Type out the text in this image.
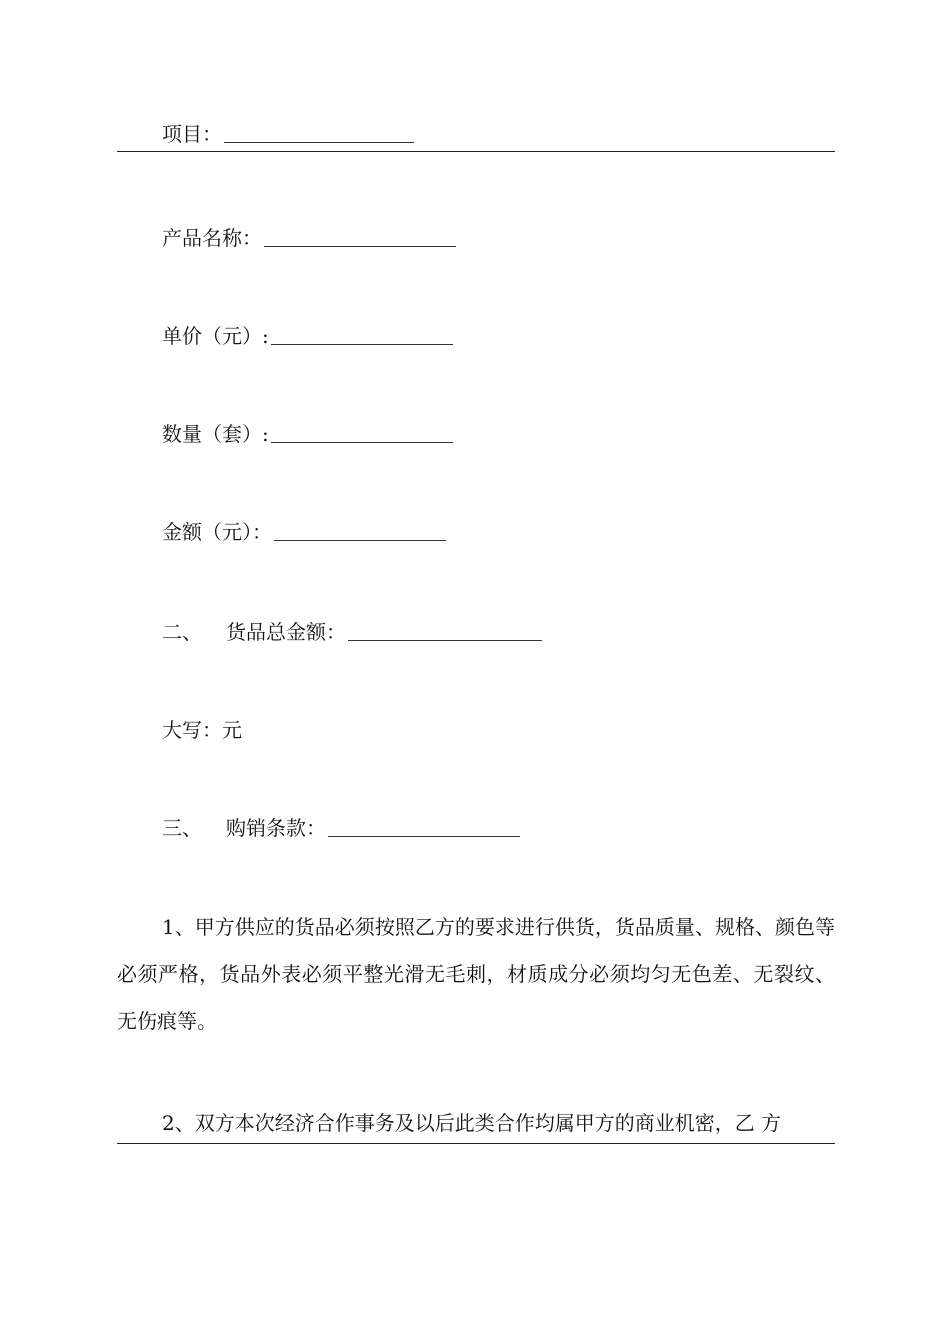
项目：
产品名称：
单价（元）:
数量（套）:
金额（元）：
二、 货品总金额：
大写：元
三、 购销条款：
1、甲方供应的货品必须按照乙方的要求进行供货，货品质量、规格、颜色等必须严格，货品外表必须平整光滑无毛刺，材质成分必须均匀无色差、无裂纹、无伤痕等。
2、双方本次经济合作事务及以后此类合作均属甲方的商业机密，乙 方
